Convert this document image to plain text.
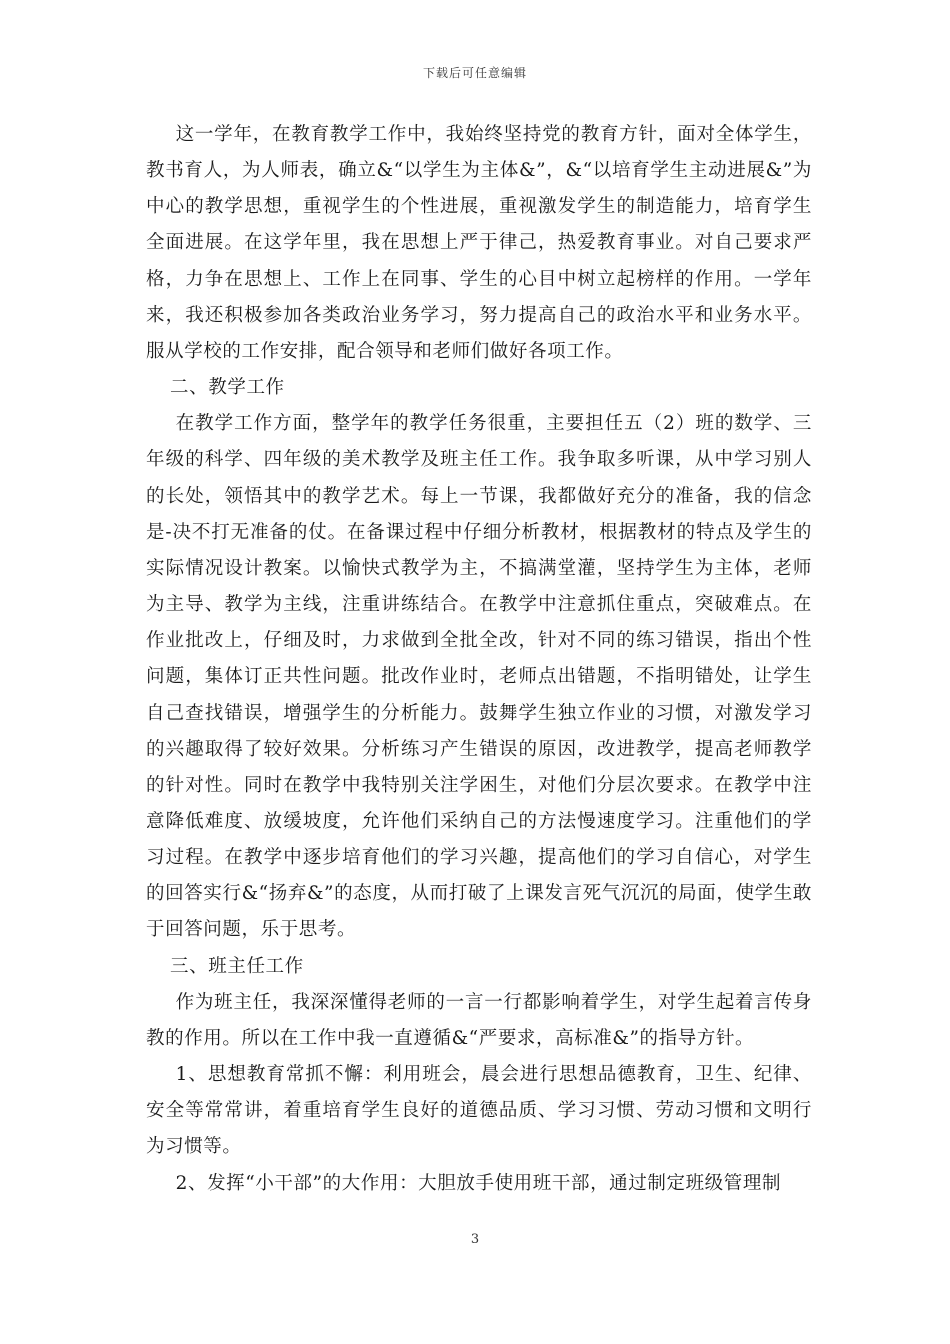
下载后可任意编辑

这一学年，在教育教学工作中，我始终坚持党的教育方针，面对全体学生，教书育人，为人师表，确立&“以学生为主体&”，&“以培育学生主动进展&”为中心的教学思想，重视学生的个性进展，重视激发学生的制造能力，培育学生全面进展。在这学年里，我在思想上严于律己，热爱教育事业。对自己要求严格，力争在思想上、工作上在同事、学生的心目中树立起榜样的作用。一学年来，我还积极参加各类政治业务学习，努力提高自己的政治水平和业务水平。服从学校的工作安排，配合领导和老师们做好各项工作。

二、教学工作

在教学工作方面，整学年的教学任务很重，主要担任五（2）班的数学、三年级的科学、四年级的美术教学及班主任工作。我争取多听课，从中学习别人的长处，领悟其中的教学艺术。每上一节课，我都做好充分的准备，我的信念是-决不打无准备的仗。在备课过程中仔细分析教材，根据教材的特点及学生的实际情况设计教案。以愉快式教学为主，不搞满堂灌，坚持学生为主体，老师为主导、教学为主线，注重讲练结合。在教学中注意抓住重点，突破难点。在作业批改上，仔细及时，力求做到全批全改，针对不同的练习错误，指出个性问题，集体订正共性问题。批改作业时，老师点出错题，不指明错处，让学生自己查找错误，增强学生的分析能力。鼓舞学生独立作业的习惯，对激发学习的兴趣取得了较好效果。分析练习产生错误的原因，改进教学，提高老师教学的针对性。同时在教学中我特别关注学困生，对他们分层次要求。在教学中注意降低难度、放缓坡度，允许他们采纳自己的方法慢速度学习。注重他们的学习过程。在教学中逐步培育他们的学习兴趣，提高他们的学习自信心，对学生的回答实行&“扬弃&”的态度，从而打破了上课发言死气沉沉的局面，使学生敢于回答问题，乐于思考。

三、班主任工作

作为班主任，我深深懂得老师的一言一行都影响着学生，对学生起着言传身教的作用。所以在工作中我一直遵循&“严要求，高标准&”的指导方针。

1、思想教育常抓不懈：利用班会，晨会进行思想品德教育，卫生、纪律、安全等常常讲，着重培育学生良好的道德品质、学习习惯、劳动习惯和文明行为习惯等。

2、发挥“小干部”的大作用：大胆放手使用班干部，通过制定班级管理制

3
